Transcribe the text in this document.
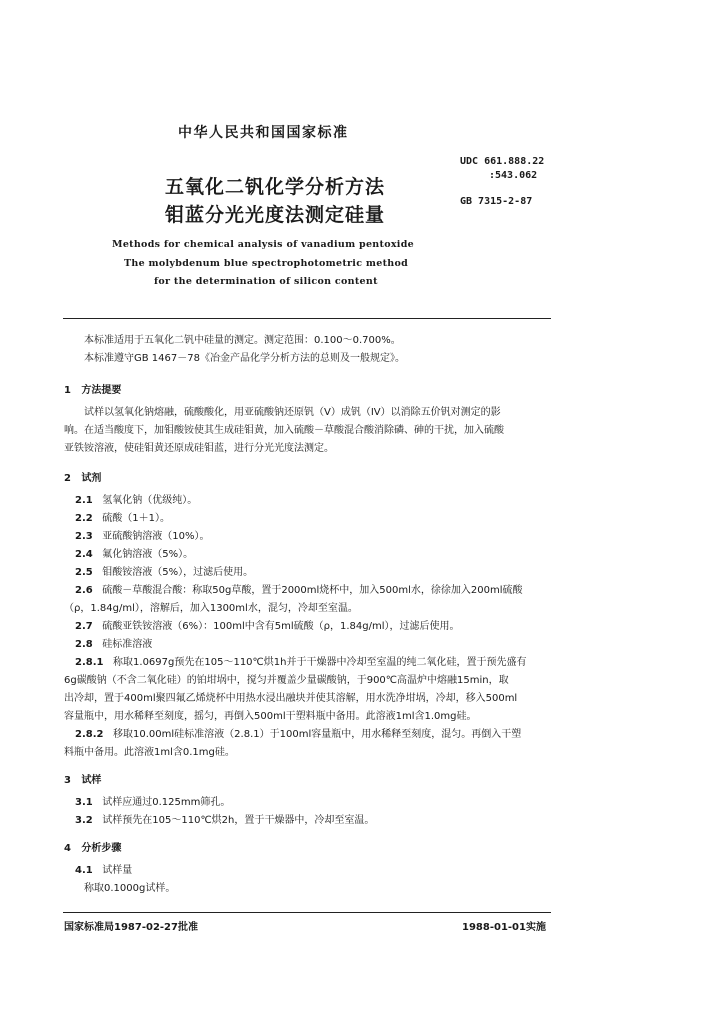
中华人民共和国国家标准
五氧化二钒化学分析方法
钼蓝分光光度法测定硅量
UDC 661.888.22
:543.062
GB 7315-2-87
Methods for chemical analysis of vanadium pentoxide
The molybdenum blue spectrophotometric method
for the determination of silicon content
本标准适用于五氧化二钒中硅量的测定。测定范围：0.100～0.700%。
本标准遵守GB 1467－78《冶金产品化学分析方法的总则及一般规定》。
1 方法提要
试样以氢氧化钠熔融，硫酸酸化，用亚硫酸钠还原钒（V）成钒（IV）以消除五价钒对测定的影
响。在适当酸度下，加钼酸铵使其生成硅钼黄，加入硫酸－草酸混合酸消除磷、砷的干扰，加入硫酸
亚铁铵溶液，使硅钼黄还原成硅钼蓝，进行分光光度法测定。
2 试剂
2.1 氢氧化钠（优级纯）。
2.2 硫酸（1＋1）。
2.3 亚硫酸钠溶液（10%）。
2.4 氟化钠溶液（5%）。
2.5 钼酸铵溶液（5%），过滤后使用。
2.6 硫酸－草酸混合酸：称取50g草酸，置于2000ml烧杯中，加入500ml水，徐徐加入200ml硫酸
（ρ，1.84g/ml），溶解后，加入1300ml水，混匀，冷却至室温。
2.7 硫酸亚铁铵溶液（6%）：100ml中含有5ml硫酸（ρ，1.84g/ml），过滤后使用。
2.8 硅标准溶液
2.8.1 称取1.0697g预先在105～110℃烘1h并于干燥器中冷却至室温的纯二氧化硅，置于预先盛有
6g碳酸钠（不含二氧化硅）的铂坩埚中，搅匀并覆盖少量碳酸钠，于900℃高温炉中熔融15min，取
出冷却，置于400ml聚四氟乙烯烧杯中用热水浸出融块并使其溶解，用水洗净坩埚，冷却，移入500ml
容量瓶中，用水稀释至刻度，摇匀，再倒入500ml干塑料瓶中备用。此溶液1ml含1.0mg硅。
2.8.2 移取10.00ml硅标准溶液（2.8.1）于100ml容量瓶中，用水稀释至刻度，混匀。再倒入干塑
料瓶中备用。此溶液1ml含0.1mg硅。
3 试样
3.1 试样应通过0.125mm筛孔。
3.2 试样预先在105～110℃烘2h，置于干燥器中，冷却至室温。
4 分析步骤
4.1 试样量
称取0.1000g试样。
国家标准局1987-02-27批准	1988-01-01实施
